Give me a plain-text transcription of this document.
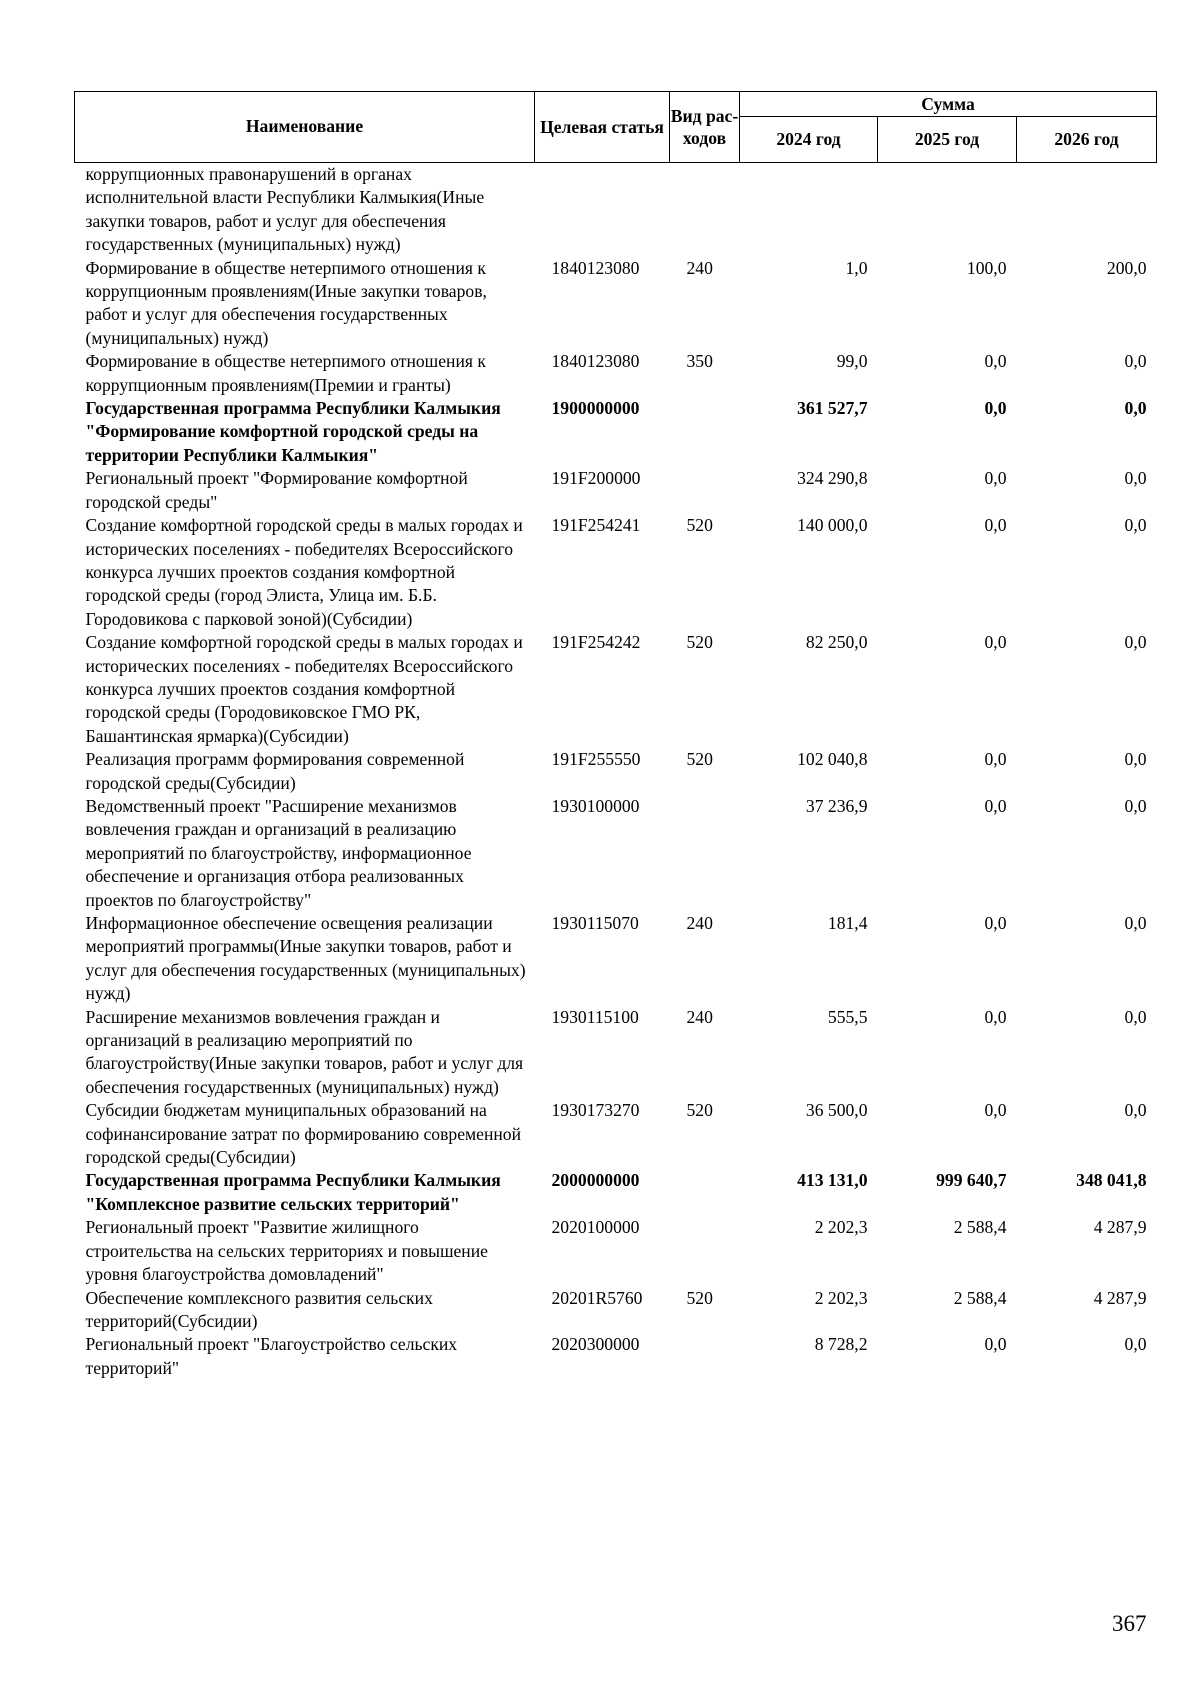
Наименование	Целевая статья	Вид рас-ходов	Сумма		
			2024 год	2025 год	2026 год
коррупционных правонарушений в органах исполнительной власти Республики Калмыкия(Иные закупки товаров, работ и услуг для обеспечения государственных (муниципальных) нужд)					
Формирование в обществе нетерпимого отношения к коррупционным проявлениям(Иные закупки товаров, работ и услуг для обеспечения государственных (муниципальных) нужд)	1840123080	240	1,0	100,0	200,0
Формирование в обществе нетерпимого отношения к коррупционным проявлениям(Премии и гранты)	1840123080	350	99,0	0,0	0,0
Государственная программа Республики Калмыкия "Формирование комфортной городской среды на территории Республики Калмыкия"	1900000000		361 527,7	0,0	0,0
Региональный проект "Формирование комфортной городской среды"	191F200000		324 290,8	0,0	0,0
Создание комфортной городской среды в малых городах и исторических поселениях - победителях Всероссийского конкурса лучших проектов создания комфортной городской среды (город Элиста, Улица им. Б.Б. Городовикова с парковой зоной)(Субсидии)	191F254241	520	140 000,0	0,0	0,0
Создание комфортной городской среды в малых городах и исторических поселениях - победителях Всероссийского конкурса лучших проектов создания комфортной городской среды (Городовиковское ГМО РК, Башантинская ярмарка)(Субсидии)	191F254242	520	82 250,0	0,0	0,0
Реализация программ формирования современной городской среды(Субсидии)	191F255550	520	102 040,8	0,0	0,0
Ведомственный проект "Расширение механизмов вовлечения граждан и организаций в реализацию мероприятий по благоустройству, информационное обеспечение и организация отбора реализованных проектов по благоустройству"	1930100000		37 236,9	0,0	0,0
Информационное обеспечение освещения реализации мероприятий программы(Иные закупки товаров, работ и услуг для обеспечения государственных (муниципальных) нужд)	1930115070	240	181,4	0,0	0,0
Расширение механизмов вовлечения граждан и организаций в реализацию мероприятий по благоустройству(Иные закупки товаров, работ и услуг для обеспечения государственных (муниципальных) нужд)	1930115100	240	555,5	0,0	0,0
Субсидии бюджетам муниципальных образований на софинансирование затрат по формированию современной городской среды(Субсидии)	1930173270	520	36 500,0	0,0	0,0
Государственная программа Республики Калмыкия "Комплексное развитие сельских территорий"	2000000000		413 131,0	999 640,7	348 041,8
Региональный проект "Развитие жилищного строительства на сельских территориях и повышение уровня благоустройства домовладений"	2020100000		2 202,3	2 588,4	4 287,9
Обеспечение комплексного развития сельских территорий(Субсидии)	20201R5760	520	2 202,3	2 588,4	4 287,9
Региональный проект "Благоустройство сельских территорий"	2020300000		8 728,2	0,0	0,0
367
